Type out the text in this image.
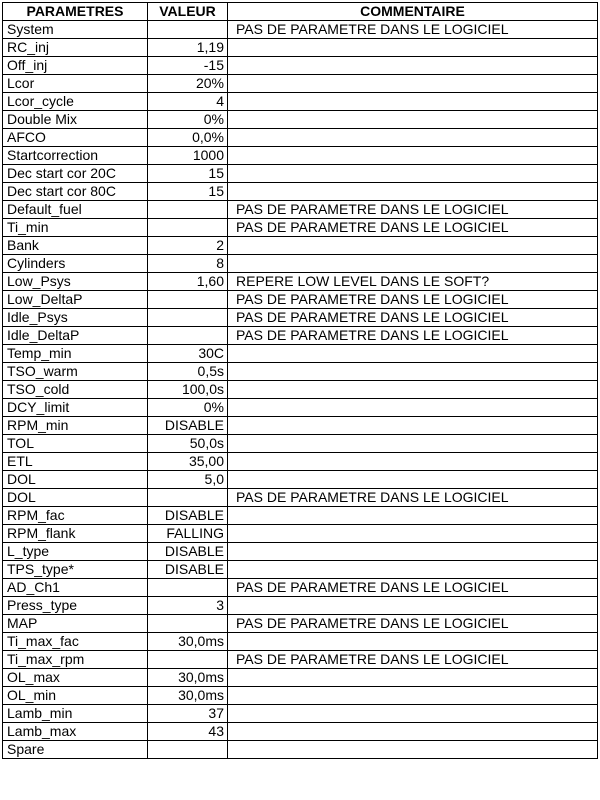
PARAMETRES	VALEUR	COMMENTAIRE
System		PAS DE PARAMETRE DANS LE LOGICIEL
RC_inj	1,19	
Off_inj	-15	
Lcor	20%	
Lcor_cycle	4	
Double Mix	0%	
AFCO	0,0%	
Startcorrection	1000	
Dec start cor 20C	15	
Dec start cor 80C	15	
Default_fuel		PAS DE PARAMETRE DANS LE LOGICIEL
Ti_min		PAS DE PARAMETRE DANS LE LOGICIEL
Bank	2	
Cylinders	8	
Low_Psys	1,60	REPERE LOW LEVEL DANS LE SOFT?
Low_DeltaP		PAS DE PARAMETRE DANS LE LOGICIEL
Idle_Psys		PAS DE PARAMETRE DANS LE LOGICIEL
Idle_DeltaP		PAS DE PARAMETRE DANS LE LOGICIEL
Temp_min	30C	
TSO_warm	0,5s	
TSO_cold	100,0s	
DCY_limit	0%	
RPM_min	DISABLE	
TOL	50,0s	
ETL	35,00	
DOL	5,0	
DOL		PAS DE PARAMETRE DANS LE LOGICIEL
RPM_fac	DISABLE	
RPM_flank	FALLING	
L_type	DISABLE	
TPS_type*	DISABLE	
AD_Ch1		PAS DE PARAMETRE DANS LE LOGICIEL
Press_type	3	
MAP		PAS DE PARAMETRE DANS LE LOGICIEL
Ti_max_fac	30,0ms	
Ti_max_rpm		PAS DE PARAMETRE DANS LE LOGICIEL
OL_max	30,0ms	
OL_min	30,0ms	
Lamb_min	37	
Lamb_max	43	
Spare		
